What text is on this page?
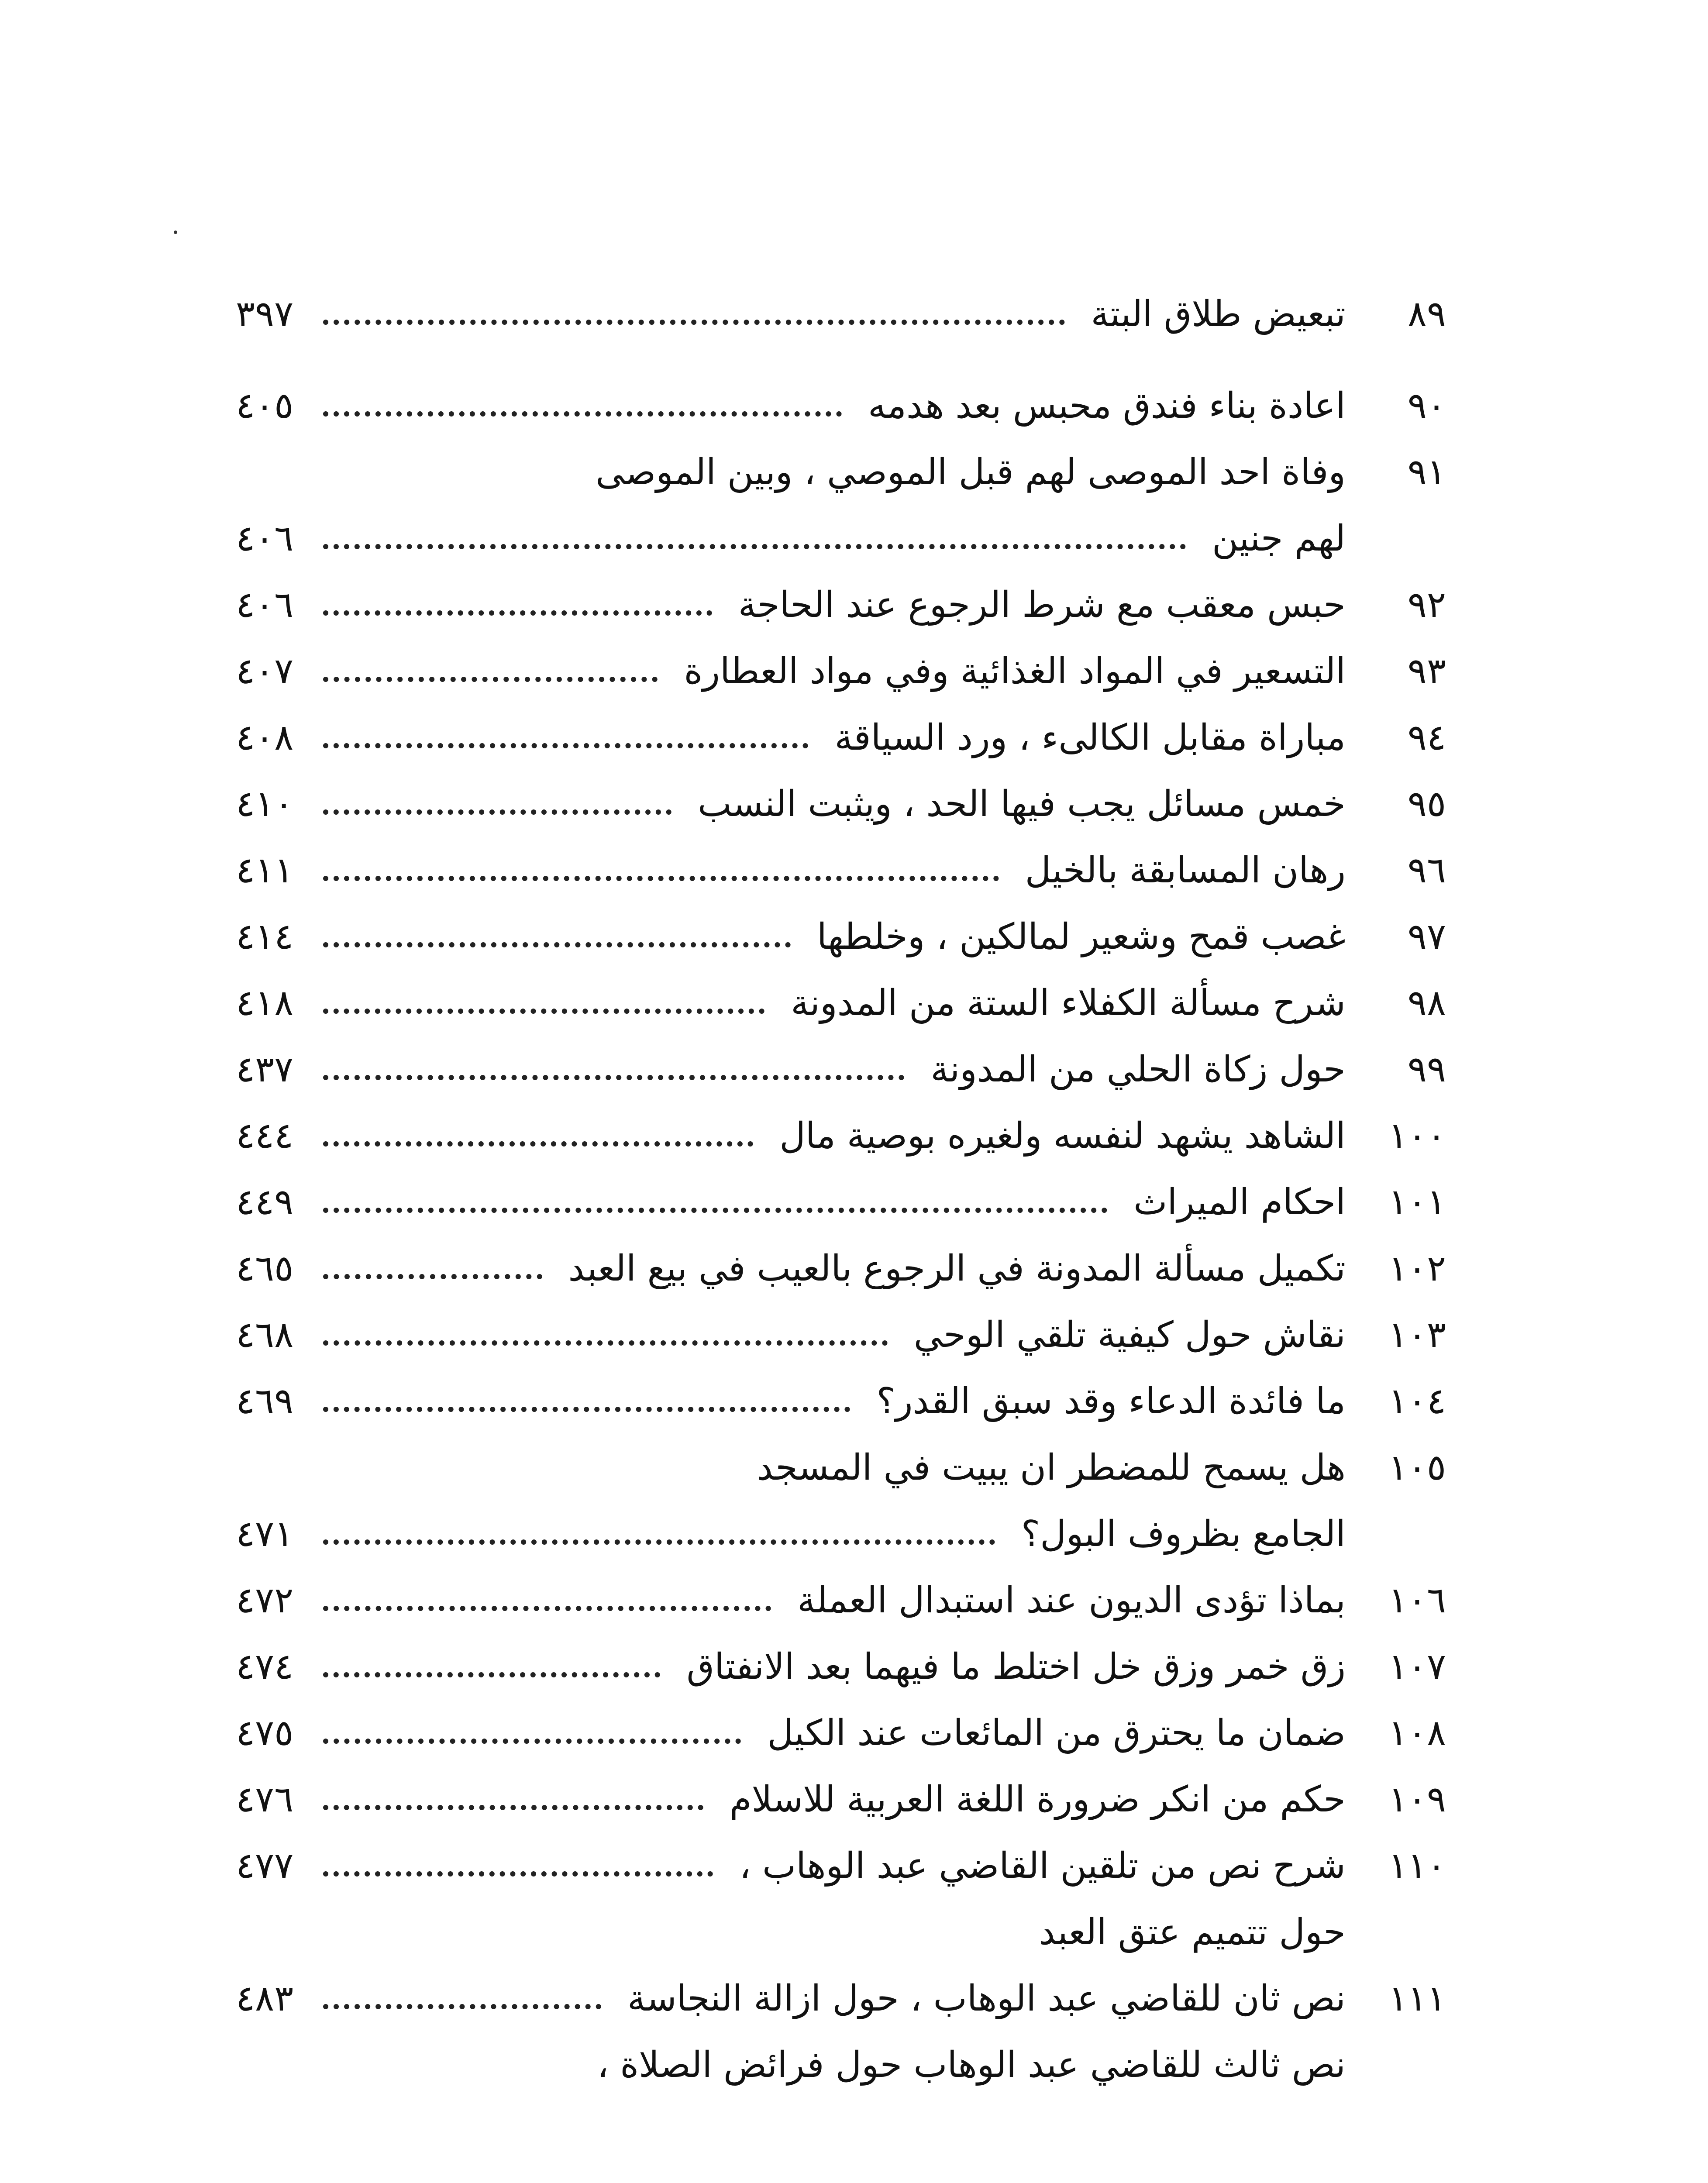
٨٩
تبعيض طلاق البتة
٣٩٧
٩٠
اعادة بناء فندق محبس بعد هدمه
٤٠٥
٩١
وفاة احد الموصى لهم قبل الموصي ، وبين الموصى
لهم جنين
٤٠٦
٩٢
حبس معقب مع شرط الرجوع عند الحاجة
٤٠٦
٩٣
التسعير في المواد الغذائية وفي مواد العطارة
٤٠٧
٩٤
مباراة مقابل الكالىء ، ورد السياقة
٤٠٨
٩٥
خمس مسائل يجب فيها الحد ، ويثبت النسب
٤١٠
٩٦
رهان المسابقة بالخيل
٤١١
٩٧
غصب قمح وشعير لمالكين ، وخلطها
٤١٤
٩٨
شرح مسألة الكفلاء الستة من المدونة
٤١٨
٩٩
حول زكاة الحلي من المدونة
٤٣٧
١٠٠
الشاهد يشهد لنفسه ولغيره بوصية مال
٤٤٤
١٠١
احكام الميراث
٤٤٩
١٠٢
تكميل مسألة المدونة في الرجوع بالعيب في بيع العبد
٤٦٥
١٠٣
نقاش حول كيفية تلقي الوحي
٤٦٨
١٠٤
ما فائدة الدعاء وقد سبق القدر؟
٤٦٩
١٠٥
هل يسمح للمضطر ان يبيت في المسجد
الجامع بظروف البول؟
٤٧١
١٠٦
بماذا تؤدى الديون عند استبدال العملة
٤٧٢
١٠٧
زق خمر وزق خل اختلط ما فيهما بعد الانفتاق
٤٧٤
١٠٨
ضمان ما يحترق من المائعات عند الكيل
٤٧٥
١٠٩
حكم من انكر ضرورة اللغة العربية للاسلام
٤٧٦
١١٠
شرح نص من تلقين القاضي عبد الوهاب ،
٤٧٧
حول تتميم عتق العبد
١١١
نص ثان للقاضي عبد الوهاب ، حول ازالة النجاسة
٤٨٣
نص ثالث للقاضي عبد الوهاب حول فرائض الصلاة ،
